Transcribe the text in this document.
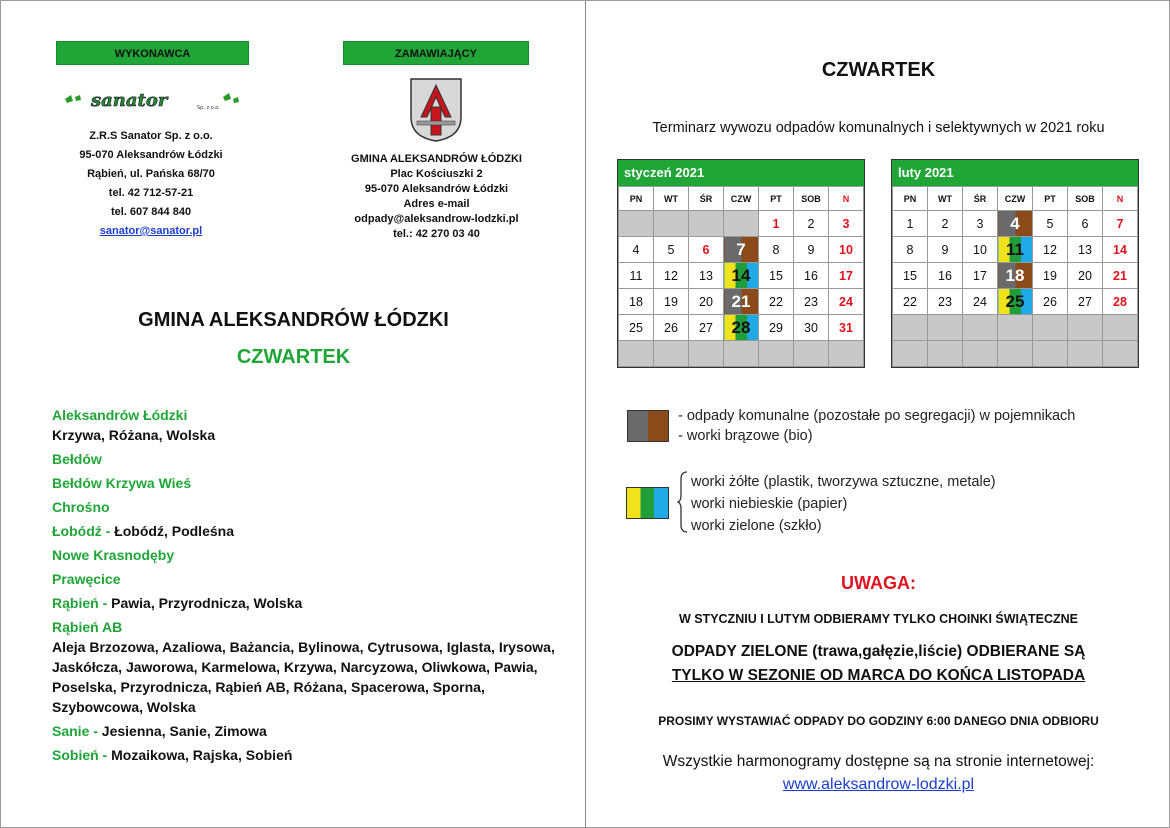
WYKONAWCA	ZAMAWIAJĄCY
sanator	Sp. z o.o.
Z.R.S Sanator Sp. z o.o.
95-070 Aleksandrów Łódzki
Rąbień, ul. Pańska 68/70
tel. 42 712-57-21
tel. 607 844 840
sanator@sanator.pl
GMINA ALEKSANDRÓW ŁÓDZKI
Plac Kościuszki 2
95-070 Aleksandrów Łódzki
Adres e-mail
odpady@aleksandrow-lodzki.pl
tel.: 42 270 03 40
GMINA ALEKSANDRÓW ŁÓDZKI
CZWARTEK
Aleksandrów Łódzki
Krzywa, Różana, Wolska
Bełdów
Bełdów Krzywa Wieś
Chrośno
Łobódź - Łobódź, Podleśna
Nowe Krasnodęby
Prawęcice
Rąbień - Pawia, Przyrodnicza, Wolska
Rąbień AB
Aleja Brzozowa, Azaliowa, Bażancia, Bylinowa, Cytrusowa, Iglasta, Irysowa, Jaskółcza, Jaworowa, Karmelowa, Krzywa, Narcyzowa, Oliwkowa, Pawia, Poselska, Przyrodnicza, Rąbień AB, Różana, Spacerowa, Sporna, Szybowcowa, Wolska
Sanie - Jesienna, Sanie, Zimowa
Sobień - Mozaikowa, Rajska, Sobień
CZWARTEK
Terminarz wywozu odpadów komunalnych i selektywnych w 2021 roku
styczeń 2021
PN	WT	ŚR	CZW	PT	SOB	N
				1	2	3
4	5	6	7	8	9	10
11	12	13	14	15	16	17
18	19	20	21	22	23	24
25	26	27	28	29	30	31

luty 2021
PN	WT	ŚR	CZW	PT	SOB	N
1	2	3	4	5	6	7
8	9	10	11	12	13	14
15	16	17	18	19	20	21
22	23	24	25	26	27	28

- odpady komunalne (pozostałe po segregacji) w pojemnikach
- worki brązowe (bio)
worki żółte (plastik, tworzywa sztuczne, metale)
worki niebieskie (papier)
worki zielone (szkło)
UWAGA:
W STYCZNIU I LUTYM ODBIERAMY TYLKO CHOINKI ŚWIĄTECZNE
ODPADY ZIELONE (trawa,gałęzie,liście) ODBIERANE SĄ
TYLKO W SEZONIE OD MARCA DO KOŃCA LISTOPADA
PROSIMY WYSTAWIAĆ ODPADY DO GODZINY 6:00 DANEGO DNIA ODBIORU
Wszystkie harmonogramy dostępne są na stronie internetowej:
www.aleksandrow-lodzki.pl
